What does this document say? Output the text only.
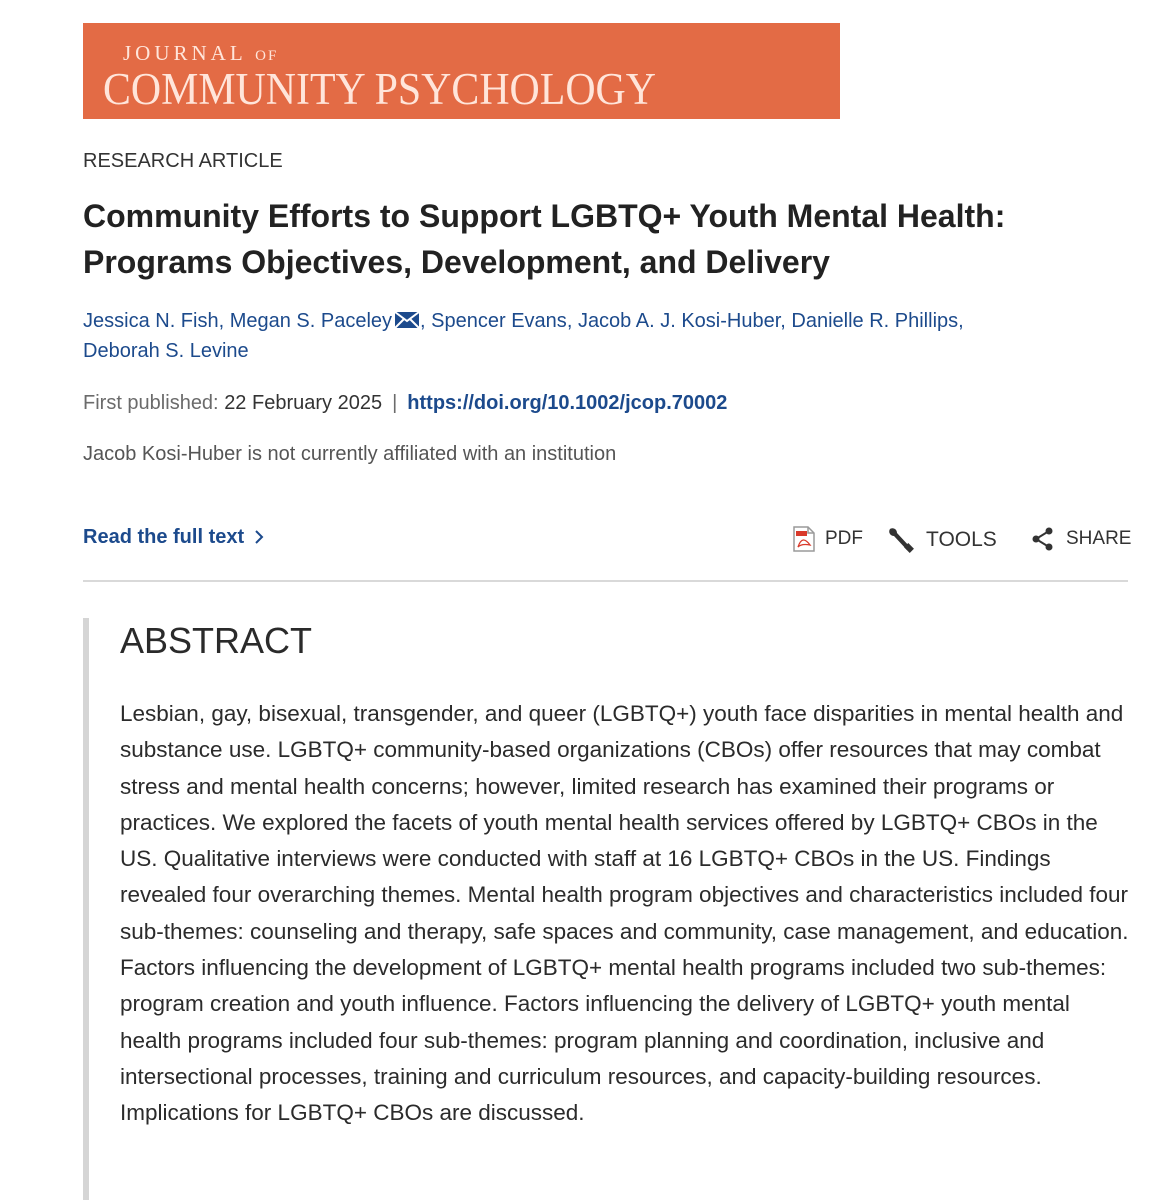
JOURNAL OF
COMMUNITY PSYCHOLOGY
RESEARCH ARTICLE
Community Efforts to Support LGBTQ+ Youth Mental Health: Programs Objectives, Development, and Delivery
Jessica N. Fish, Megan S. Paceley , Spencer Evans, Jacob A. J. Kosi-Huber, Danielle R. Phillips,
Deborah S. Levine
First published: 22 February 2025 | https://doi.org/10.1002/jcop.70002
Jacob Kosi-Huber is not currently affiliated with an institution
Read the full text	PDF	TOOLS	SHARE
ABSTRACT

Lesbian, gay, bisexual, transgender, and queer (LGBTQ+) youth face disparities in mental health and substance use. LGBTQ+ community-based organizations (CBOs) offer resources that may combat stress and mental health concerns; however, limited research has examined their programs or practices. We explored the facets of youth mental health services offered by LGBTQ+ CBOs in the US. Qualitative interviews were conducted with staff at 16 LGBTQ+ CBOs in the US. Findings revealed four overarching themes. Mental health program objectives and characteristics included four sub-themes: counseling and therapy, safe spaces and community, case management, and education. Factors influencing the development of LGBTQ+ mental health programs included two sub-themes: program creation and youth influence. Factors influencing the delivery of LGBTQ+ youth mental health programs included four sub-themes: program planning and coordination, inclusive and intersectional processes, training and curriculum resources, and capacity-building resources. Implications for LGBTQ+ CBOs are discussed.
